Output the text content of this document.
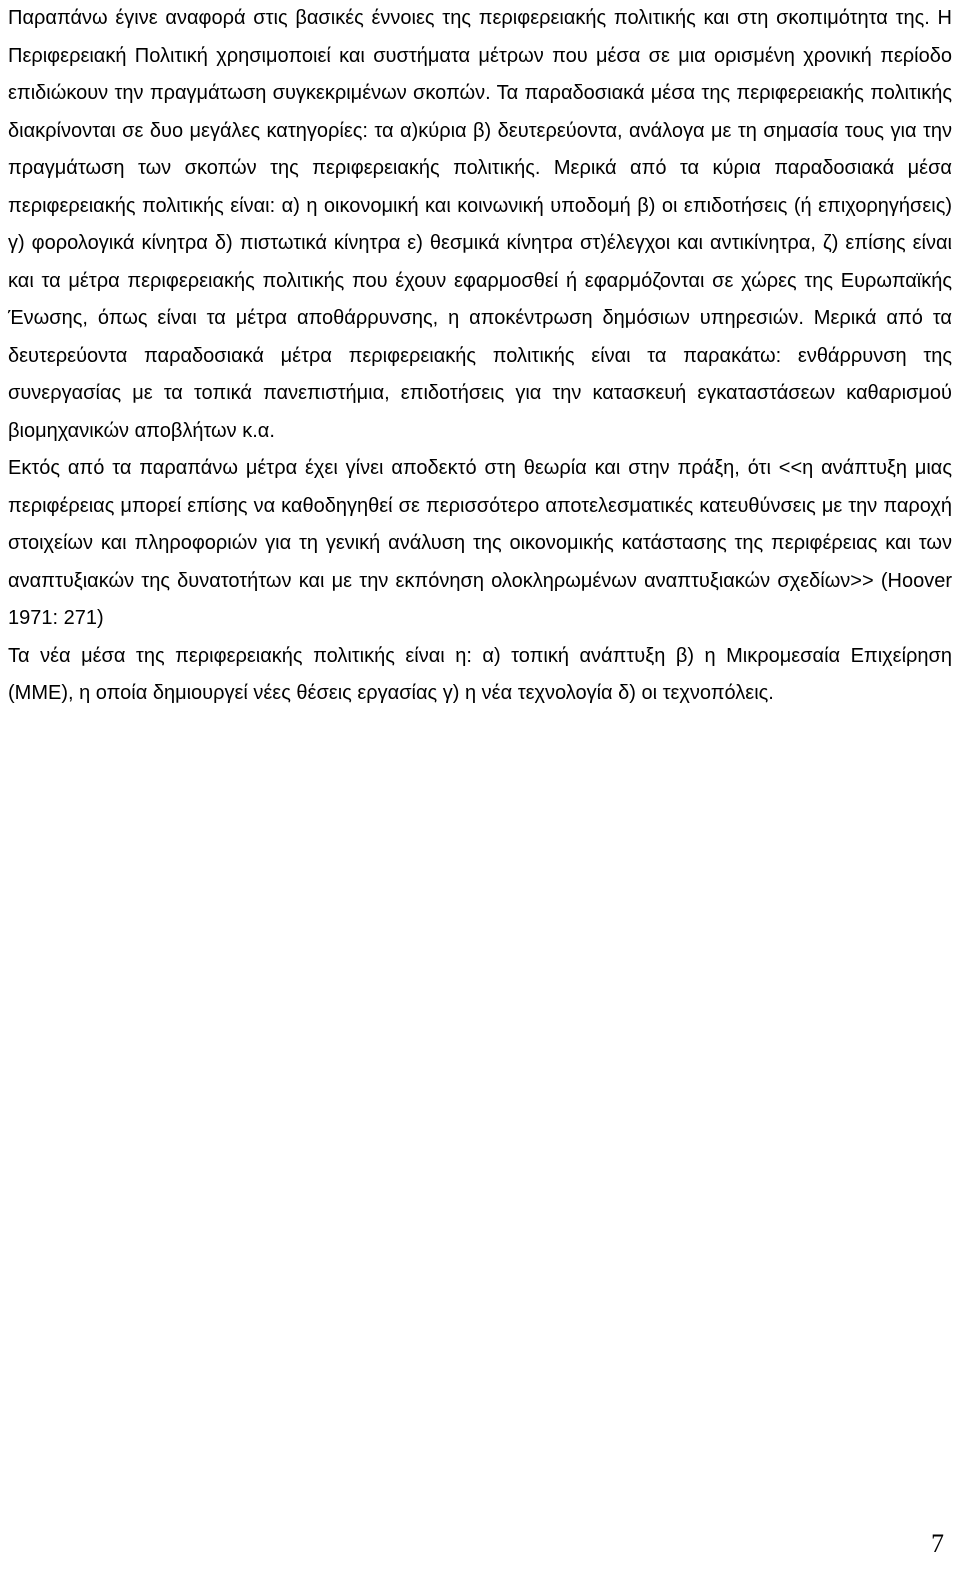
Παραπάνω έγινε αναφορά στις βασικές έννοιες της περιφερειακής πολιτικής και στη σκοπιμότητα της. Η Περιφερειακή Πολιτική χρησιμοποιεί και συστήματα μέτρων που μέσα σε μια ορισμένη χρονική περίοδο επιδιώκουν την πραγμάτωση συγκεκριμένων σκοπών. Τα παραδοσιακά μέσα της περιφερειακής πολιτικής διακρίνονται σε δυο μεγάλες κατηγορίες: τα α)κύρια β) δευτερεύοντα, ανάλογα με τη σημασία τους για την πραγμάτωση των σκοπών της περιφερειακής πολιτικής. Μερικά από τα κύρια παραδοσιακά μέσα περιφερειακής πολιτικής είναι: α) η οικονομική και κοινωνική υποδομή β) οι επιδοτήσεις (ή επιχορηγήσεις) γ) φορολογικά κίνητρα δ) πιστωτικά κίνητρα ε) θεσμικά κίνητρα στ)έλεγχοι και αντικίνητρα, ζ) επίσης είναι και τα μέτρα περιφερειακής πολιτικής που έχουν εφαρμοσθεί ή εφαρμόζονται σε χώρες της Ευρωπαϊκής Ένωσης, όπως είναι τα μέτρα αποθάρρυνσης, η αποκέντρωση δημόσιων υπηρεσιών. Μερικά από τα δευτερεύοντα παραδοσιακά μέτρα περιφερειακής πολιτικής είναι τα παρακάτω: ενθάρρυνση της συνεργασίας με τα τοπικά πανεπιστήμια, επιδοτήσεις για την κατασκευή εγκαταστάσεων καθαρισμού βιομηχανικών αποβλήτων κ.α.

Εκτός από τα παραπάνω μέτρα έχει γίνει αποδεκτό στη θεωρία και στην πράξη, ότι <<η ανάπτυξη μιας περιφέρειας μπορεί επίσης να καθοδηγηθεί σε περισσότερο αποτελεσματικές κατευθύνσεις με την παροχή στοιχείων και πληροφοριών για τη γενική ανάλυση της οικονομικής κατάστασης της περιφέρειας και των αναπτυξιακών της δυνατοτήτων και με την εκπόνηση ολοκληρωμένων αναπτυξιακών σχεδίων>> (Hoover 1971: 271)

Τα νέα μέσα της περιφερειακής πολιτικής είναι η: α) τοπική ανάπτυξη β) η Μικρομεσαία Επιχείρηση (ΜΜΕ), η οποία δημιουργεί νέες θέσεις εργασίας γ) η νέα τεχνολογία δ) οι τεχνοπόλεις.

7
